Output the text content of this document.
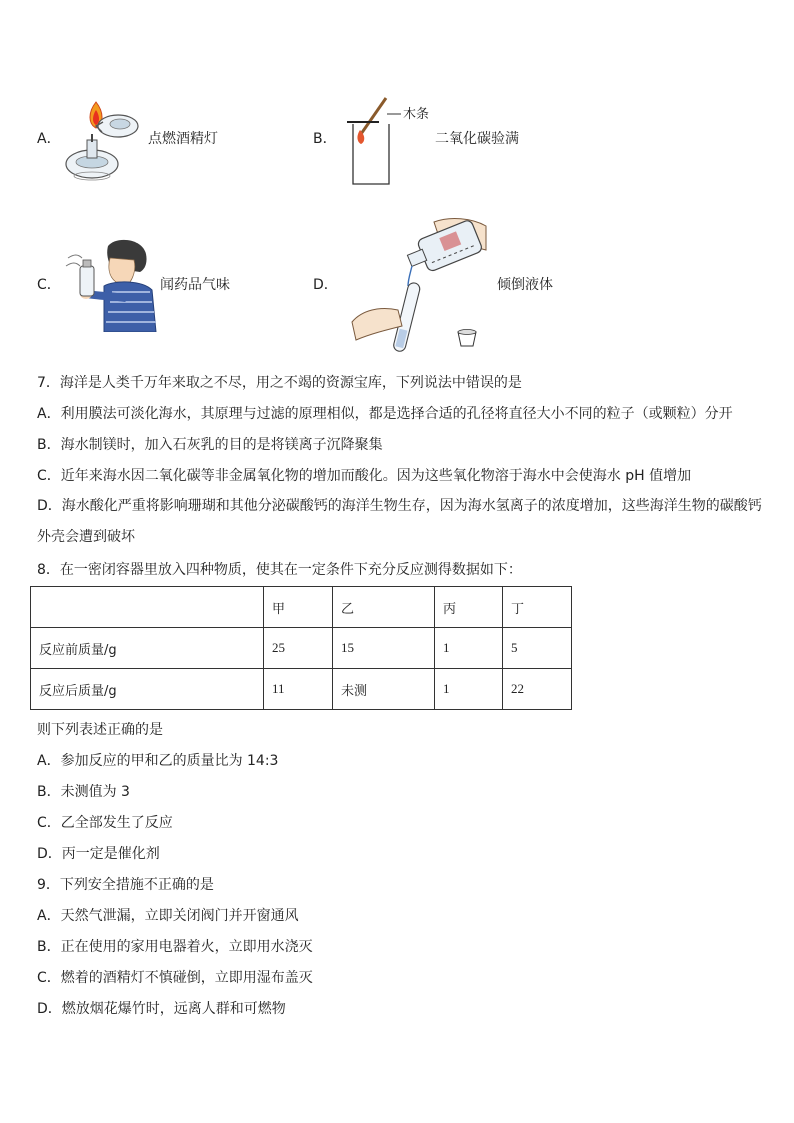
A．	点燃酒精灯	B．
木条
二氧化碳验满
C．	闻药品气味	D．	倾倒液体
7．海洋是人类千万年来取之不尽，用之不竭的资源宝库，下列说法中错误的是
A．利用膜法可淡化海水，其原理与过滤的原理相似，都是选择合适的孔径将直径大小不同的粒子（或颗粒）分开
B．海水制镁时，加入石灰乳的目的是将镁离子沉降聚集
C．近年来海水因二氧化碳等非金属氧化物的增加而酸化。因为这些氧化物溶于海水中会使海水 pH 值增加
D．海水酸化严重将影响珊瑚和其他分泌碳酸钙的海洋生物生存，因为海水氢离子的浓度增加，这些海洋生物的碳酸钙外壳会遭到破坏
8．在一密闭容器里放入四种物质，使其在一定条件下充分反应测得数据如下：
	甲	乙	丙	丁
反应前质量/g	25	15	1	5
反应后质量/g	11	未测	1	22
则下列表述正确的是
A．参加反应的甲和乙的质量比为 14:3
B．未测值为 3
C．乙全部发生了反应
D．丙一定是催化剂
9．下列安全措施不正确的是
A．天然气泄漏，立即关闭阀门并开窗通风
B．正在使用的家用电器着火，立即用水浇灭
C．燃着的酒精灯不慎碰倒，立即用湿布盖灭
D．燃放烟花爆竹时，远离人群和可燃物
